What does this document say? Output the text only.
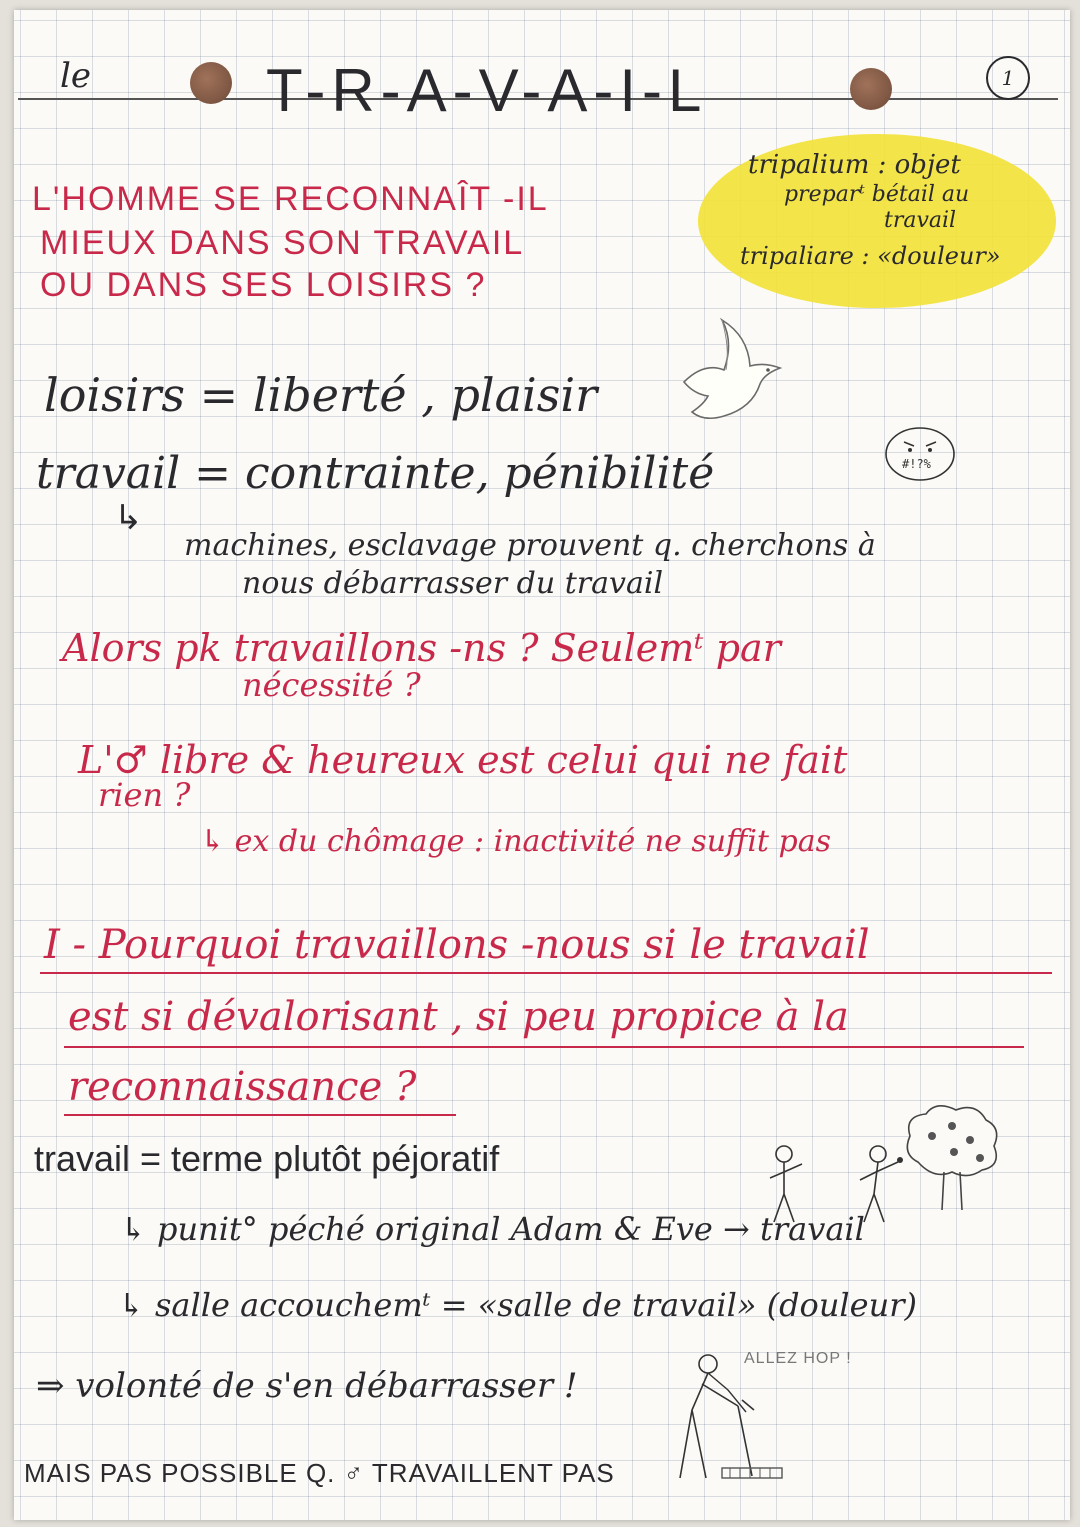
le	T-R-A-V-A-I-L	1
L'HOMME SE RECONNAÎT -IL
MIEUX DANS SON TRAVAIL
OU DANS SES LOISIRS ?
tripalium : objet
preparᵗ bétail au
travail
tripaliare : «douleur»
loisirs = liberté , plaisir
travail = contrainte, pénibilité	#!?%
↳
machines, esclavage prouvent q. cherchons à
nous débarrasser du travail
Alors pk travaillons -ns ? Seulemᵗ par
nécessité ?
L'♂ libre & heureux est celui qui ne fait
rien ?
↳ ex du chômage : inactivité ne suffit pas
I - Pourquoi travaillons -nous si le travail
est si dévalorisant , si peu propice à la
reconnaissance ?
travail = terme plutôt péjoratif
↳ punit° péché original Adam & Eve → travail
↳ salle accouchemᵗ = «salle de travail» (douleur)
ALLEZ HOP !
⇒ volonté de s'en débarrasser !
MAIS PAS POSSIBLE Q. ♂ TRAVAILLENT PAS
